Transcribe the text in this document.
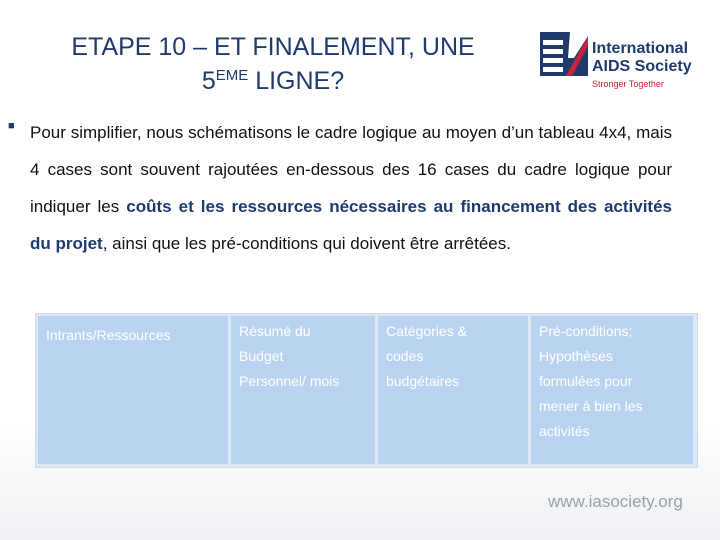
ETAPE 10 – ET FINALEMENT, UNE
5EME LIGNE?
International
AIDS Society
Stronger Together
■ Pour simplifier, nous schématisons le cadre logique au moyen d’un tableau 4x4, mais 4 cases sont souvent rajoutées en-dessous des 16 cases du cadre logique pour indiquer les coûts et les ressources nécessaires au financement des activités du projet, ainsi que les pré-conditions qui doivent être arrêtées.
Intrants/Ressources	Résumé du
Budget
Personnel/ mois
Catégories &
codes
budgétaires
Pré-conditions;
Hypothèses
formulées pour
mener à bien les
activités
www.iasociety.org
